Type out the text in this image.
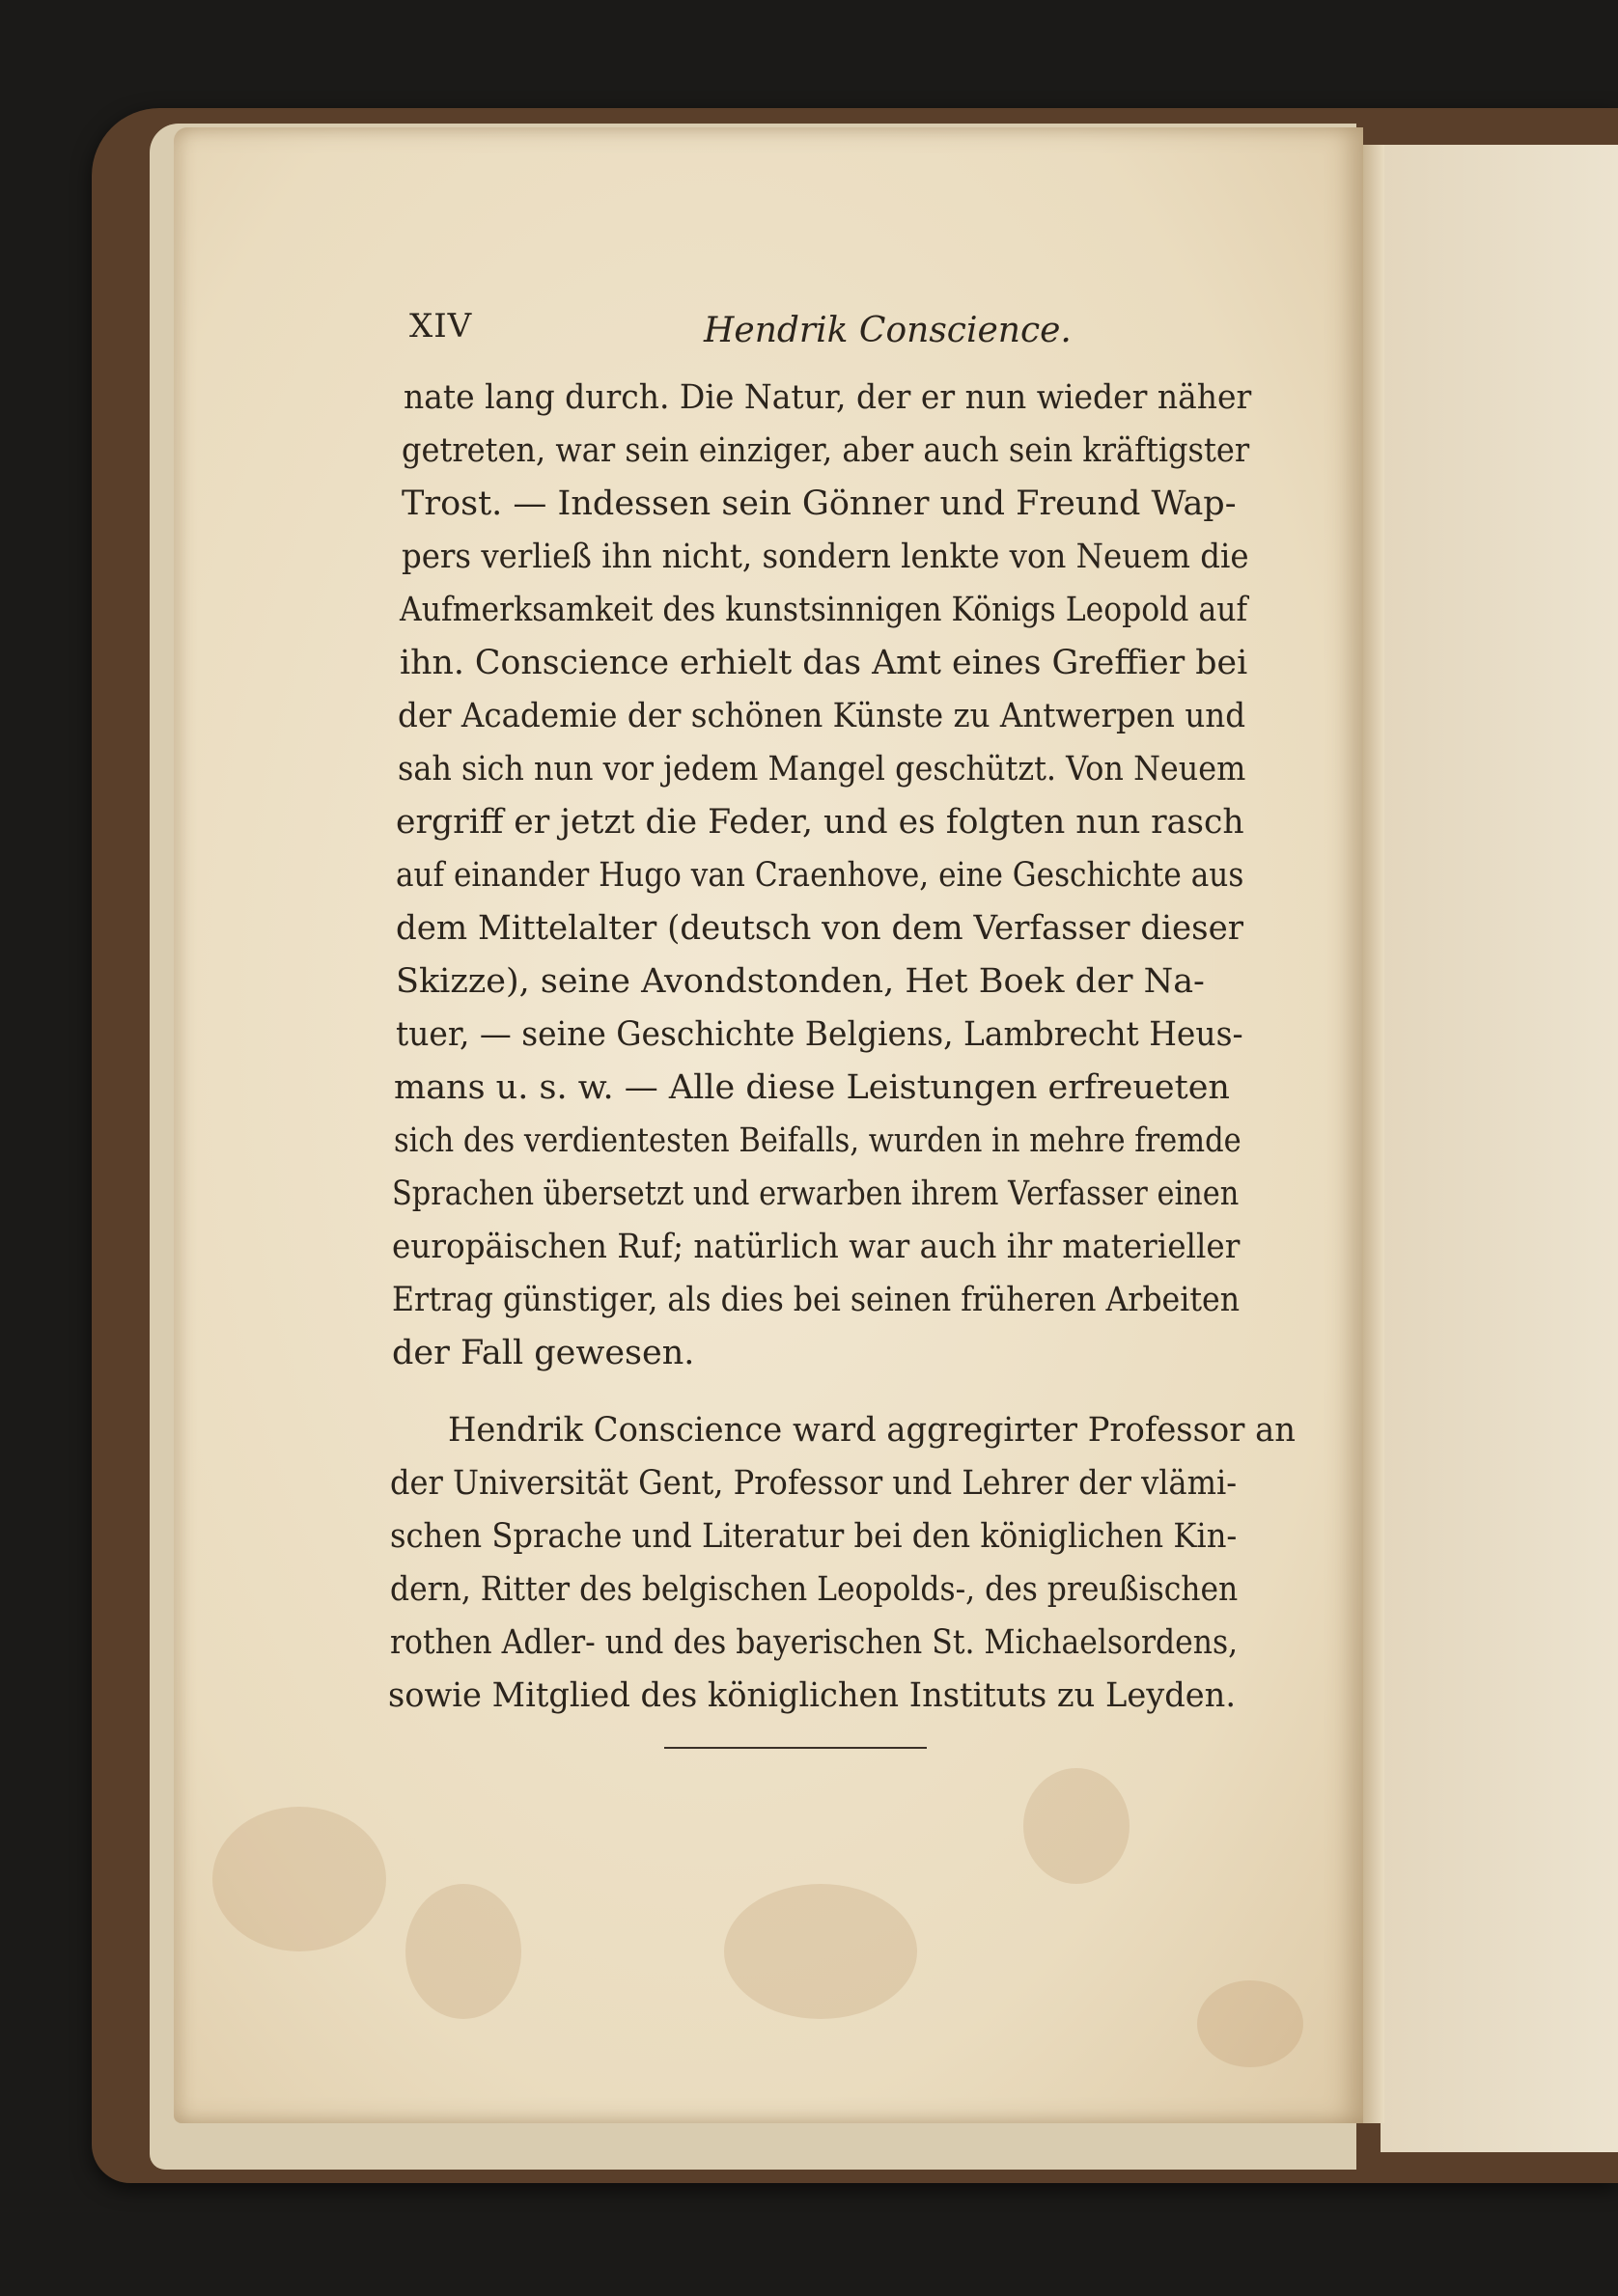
XIV	Hendrik Conscience.
nate lang durch. Die Natur, der er nun wieder näher
getreten, war sein einziger, aber auch sein kräftigster
Trost. — Indessen sein Gönner und Freund Wap-
pers verließ ihn nicht, sondern lenkte von Neuem die
Aufmerksamkeit des kunstsinnigen Königs Leopold auf
ihn. Conscience erhielt das Amt eines Greffier bei
der Academie der schönen Künste zu Antwerpen und
sah sich nun vor jedem Mangel geschützt. Von Neuem
ergriff er jetzt die Feder, und es folgten nun rasch
auf einander Hugo van Craenhove, eine Geschichte aus
dem Mittelalter (deutsch von dem Verfasser dieser
Skizze), seine Avondstonden, Het Boek der Na-
tuer, — seine Geschichte Belgiens, Lambrecht Heus-
mans u. s. w. — Alle diese Leistungen erfreueten
sich des verdientesten Beifalls, wurden in mehre fremde
Sprachen übersetzt und erwarben ihrem Verfasser einen
europäischen Ruf; natürlich war auch ihr materieller
Ertrag günstiger, als dies bei seinen früheren Arbeiten
der Fall gewesen.
Hendrik Conscience ward aggregirter Professor an
der Universität Gent, Professor und Lehrer der vlämi-
schen Sprache und Literatur bei den königlichen Kin-
dern, Ritter des belgischen Leopolds-, des preußischen
rothen Adler- und des bayerischen St. Michaelsordens,
sowie Mitglied des königlichen Instituts zu Leyden.
